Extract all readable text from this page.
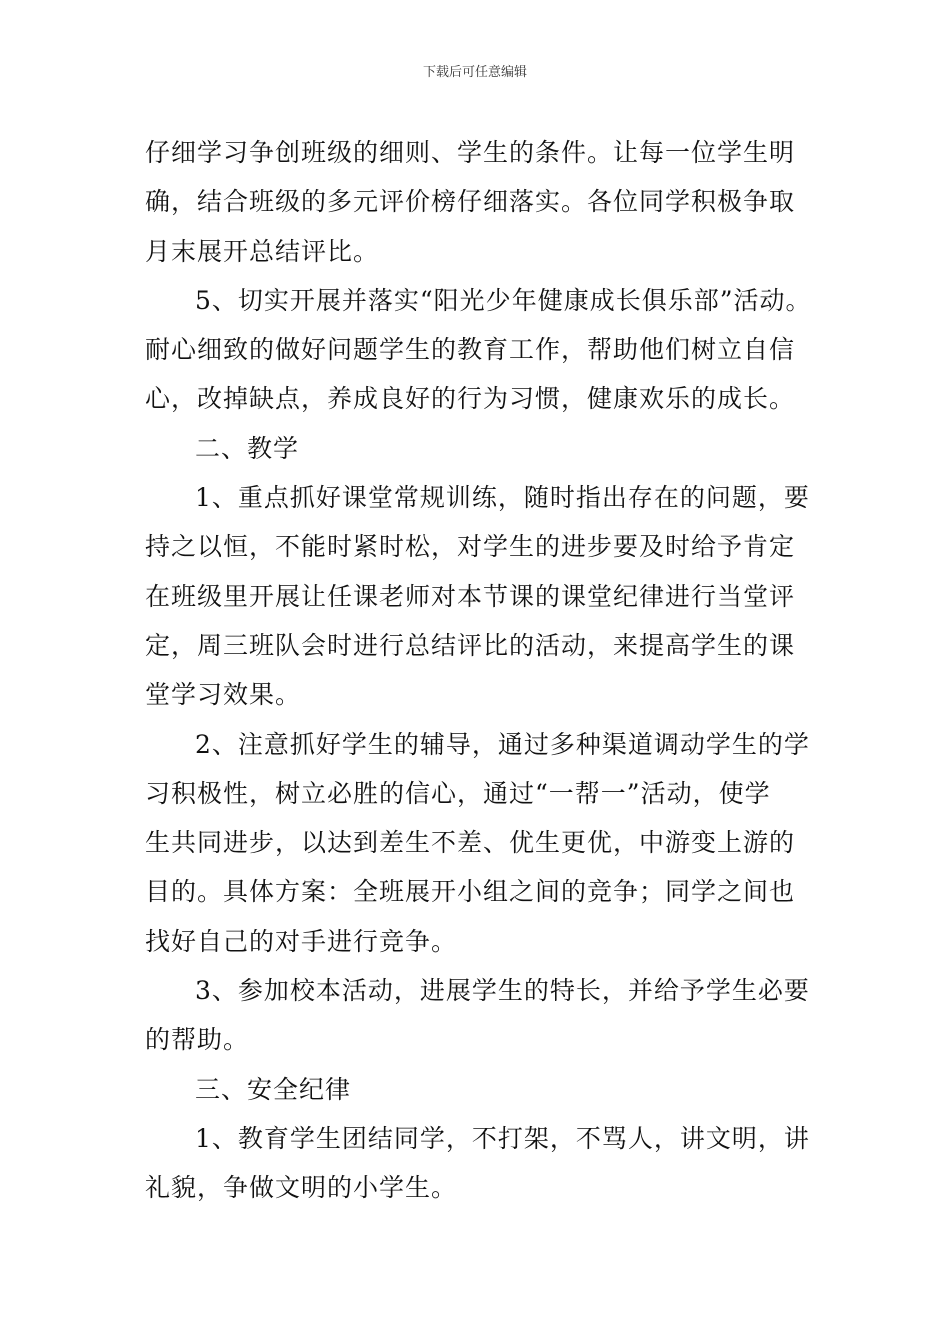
下载后可任意编辑
仔细学习争创班级的细则、学生的条件。让每一位学生明
确，结合班级的多元评价榜仔细落实。各位同学积极争取
月末展开总结评比。
5、切实开展并落实“阳光少年健康成长俱乐部”活动。
耐心细致的做好问题学生的教育工作，帮助他们树立自信
心，改掉缺点，养成良好的行为习惯，健康欢乐的成长。
二、教学
1、重点抓好课堂常规训练，随时指出存在的问题，要
持之以恒，不能时紧时松，对学生的进步要及时给予肯定
在班级里开展让任课老师对本节课的课堂纪律进行当堂评
定，周三班队会时进行总结评比的活动，来提高学生的课
堂学习效果。
2、注意抓好学生的辅导，通过多种渠道调动学生的学
习积极性，树立必胜的信心，通过“一帮一”活动，使学
生共同进步，以达到差生不差、优生更优，中游变上游的
目的。具体方案：全班展开小组之间的竞争；同学之间也
找好自己的对手进行竞争。
3、参加校本活动，进展学生的特长，并给予学生必要
的帮助。
三、安全纪律
1、教育学生团结同学，不打架，不骂人，讲文明，讲
礼貌，争做文明的小学生。
